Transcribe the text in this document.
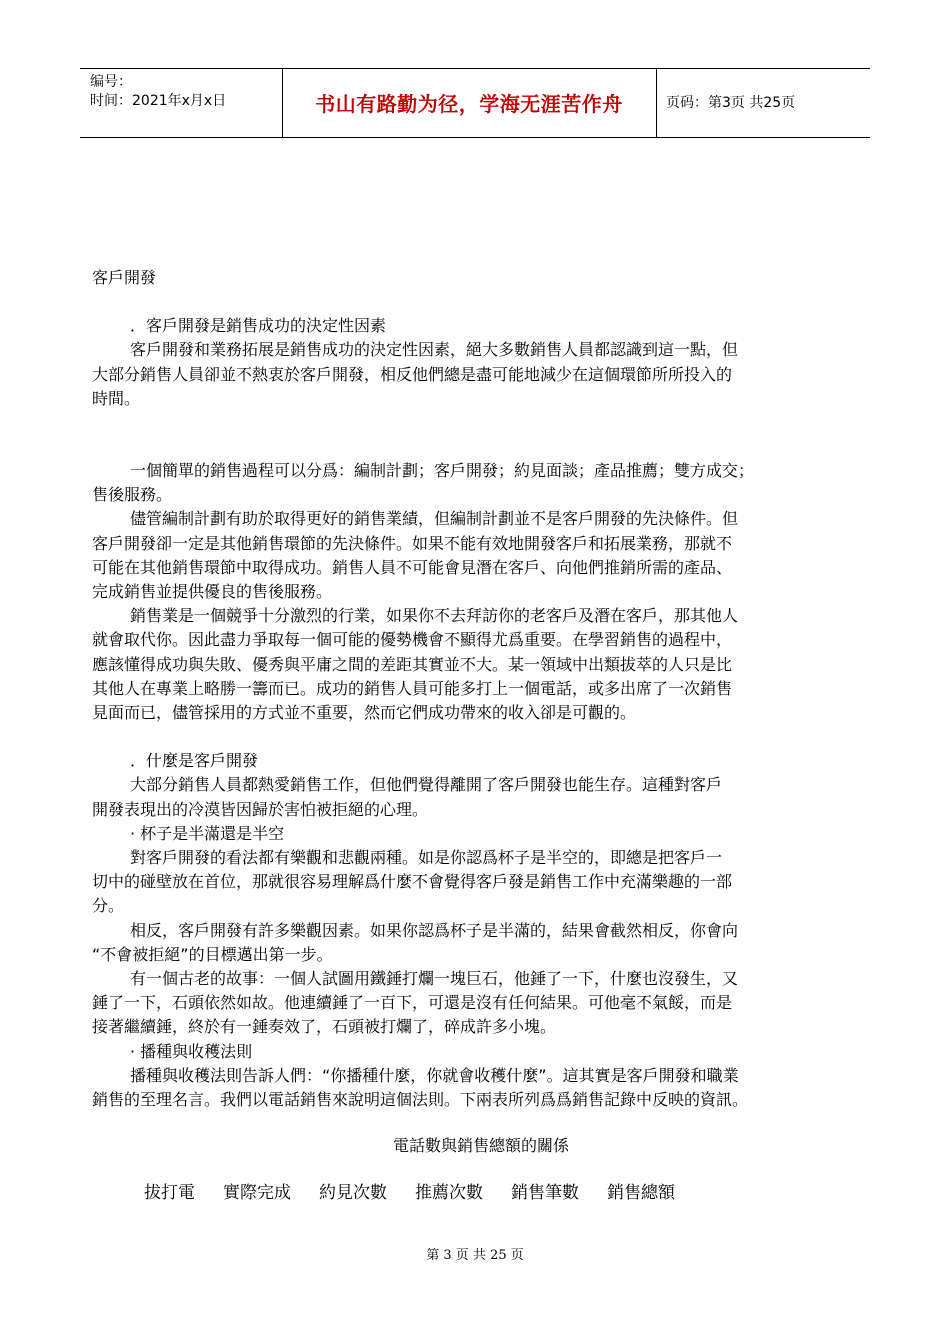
编号：
时间：2021年x月x日	书山有路勤为径，学海无涯苦作舟	页码：第3页 共25页
客戶開發
．客戶開發是銷售成功的決定性因素
客戶開發和業務拓展是銷售成功的決定性因素，絕大多數銷售人員都認識到這一點，但
大部分銷售人員卻並不熱衷於客戶開發，相反他們總是盡可能地減少在這個環節所所投入的
時間。
一個簡單的銷售過程可以分爲：編制計劃；客戶開發；約見面談；產品推薦；雙方成交；
售後服務。
儘管編制計劃有助於取得更好的銷售業績，但編制計劃並不是客戶開發的先決條件。但
客戶開發卻一定是其他銷售環節的先決條件。如果不能有效地開發客戶和拓展業務，那就不
可能在其他銷售環節中取得成功。銷售人員不可能會見潛在客戶、向他們推銷所需的產品、
完成銷售並提供優良的售後服務。
銷售業是一個競爭十分激烈的行業，如果你不去拜訪你的老客戶及潛在客戶，那其他人
就會取代你。因此盡力爭取每一個可能的優勢機會不顯得尤爲重要。在學習銷售的過程中，
應該懂得成功與失敗、優秀與平庸之間的差距其實並不大。某一領域中出類拔萃的人只是比
其他人在專業上略勝一籌而已。成功的銷售人員可能多打上一個電話，或多出席了一次銷售
見面而已，儘管採用的方式並不重要，然而它們成功帶來的收入卻是可觀的。
．什麼是客戶開發
大部分銷售人員都熱愛銷售工作，但他們覺得離開了客戶開發也能生存。這種對客戶
開發表現出的冷漠皆因歸於害怕被拒絕的心理。
· 杯子是半滿還是半空
對客戶開發的看法都有樂觀和悲觀兩種。如是你認爲杯子是半空的，即總是把客戶一
切中的碰壁放在首位，那就很容易理解爲什麼不會覺得客戶發是銷售工作中充滿樂趣的一部
分。
相反，客戶開發有許多樂觀因素。如果你認爲杯子是半滿的，結果會截然相反，你會向
“不會被拒絕”的目標邁出第一步。
有一個古老的故事：一個人試圖用鐵錘打爛一塊巨石，他錘了一下，什麼也沒發生，又
錘了一下，石頭依然如故。他連續錘了一百下，可還是沒有任何結果。可他毫不氣餒，而是
接著繼續錘，終於有一錘奏效了，石頭被打爛了，碎成許多小塊。
· 播種與收穫法則
播種與收穫法則告訴人們：“你播種什麼，你就會收穫什麼”。這其實是客戶開發和職業
銷售的至理名言。我們以電話銷售來說明這個法則。下兩表所列爲爲銷售記錄中反映的資訊。
電話數與銷售總額的關係
拔打電 實際完成 約見次數 推薦次數 銷售筆數 銷售總額
第 3 页 共 25 页
